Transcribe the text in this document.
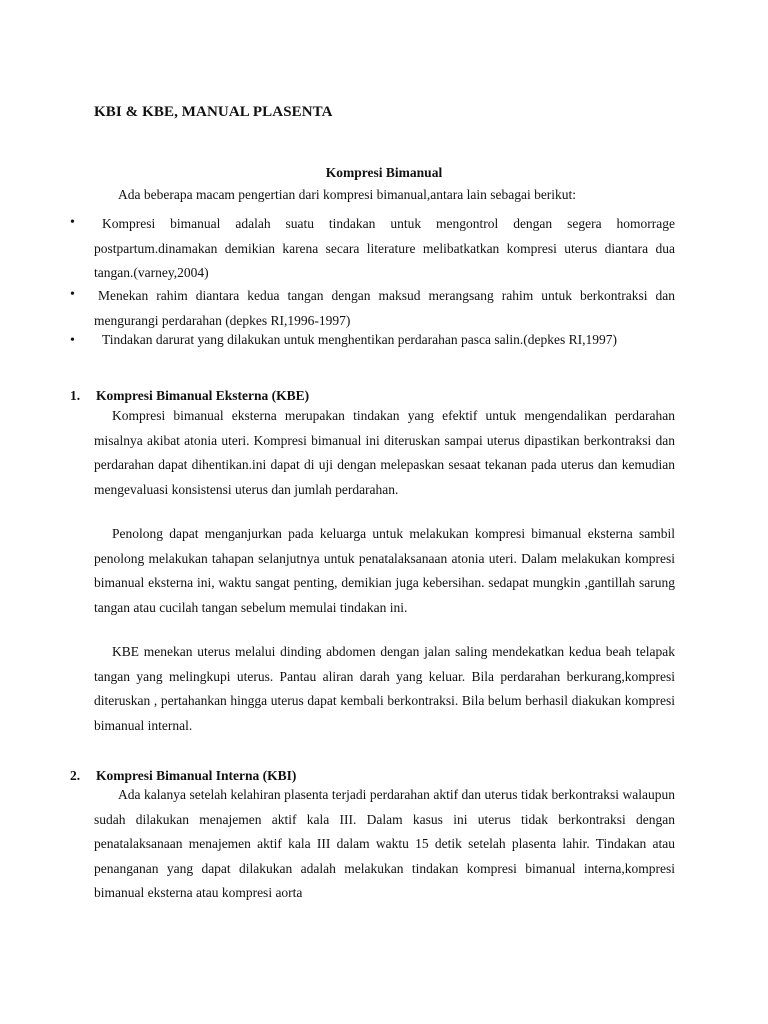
KBI & KBE, MANUAL PLASENTA
Kompresi Bimanual
Ada beberapa macam pengertian dari kompresi bimanual,antara lain sebagai berikut:
•	Kompresi bimanual adalah suatu tindakan untuk mengontrol dengan segera homorrage postpartum.dinamakan demikian karena secara literature melibatkatkan kompresi uterus diantara dua tangan.(varney,2004)
• Menekan rahim diantara kedua tangan dengan maksud merangsang rahim untuk berkontraksi dan mengurangi perdarahan (depkes RI,1996-1997)
•	Tindakan darurat yang dilakukan untuk menghentikan perdarahan pasca salin.(depkes RI,1997)
1. Kompresi Bimanual Eksterna (KBE)
Kompresi bimanual eksterna merupakan tindakan yang efektif untuk mengendalikan perdarahan misalnya akibat atonia uteri. Kompresi bimanual ini diteruskan sampai uterus dipastikan berkontraksi dan perdarahan dapat dihentikan.ini dapat di uji dengan melepaskan sesaat tekanan pada uterus dan kemudian mengevaluasi konsistensi uterus dan jumlah perdarahan.
Penolong dapat menganjurkan pada keluarga untuk melakukan kompresi bimanual eksterna sambil penolong melakukan tahapan selanjutnya untuk penatalaksanaan atonia uteri. Dalam melakukan kompresi bimanual eksterna ini, waktu sangat penting, demikian juga kebersihan. sedapat mungkin ,gantillah sarung tangan atau cucilah tangan sebelum memulai tindakan ini.
KBE menekan uterus melalui dinding abdomen dengan jalan saling mendekatkan kedua beah telapak tangan yang melingkupi uterus. Pantau aliran darah yang keluar. Bila perdarahan berkurang,kompresi diteruskan , pertahankan hingga uterus dapat kembali berkontraksi. Bila belum berhasil diakukan kompresi bimanual internal.
2. Kompresi Bimanual Interna (KBI)
Ada kalanya setelah kelahiran plasenta terjadi perdarahan aktif dan uterus tidak berkontraksi walaupun sudah dilakukan menajemen aktif kala III. Dalam kasus ini uterus tidak berkontraksi dengan penatalaksanaan menajemen aktif kala III dalam waktu 15 detik setelah plasenta lahir. Tindakan atau penanganan yang dapat dilakukan adalah melakukan tindakan kompresi bimanual interna,kompresi bimanual eksterna atau kompresi aorta
